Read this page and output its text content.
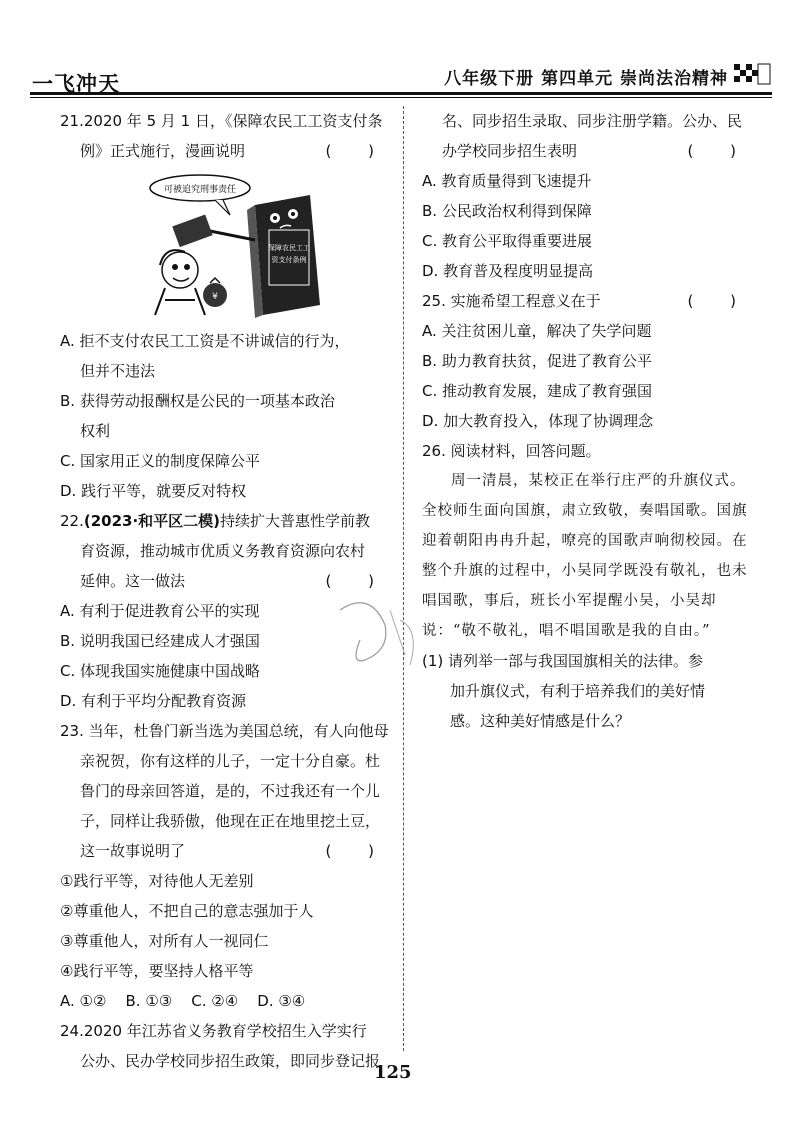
一飞冲天	八年级下册 第四单元 崇尚法治精神

21.2020 年 5 月 1 日，《保障农民工工资支付条

例》正式施行，漫画说明	( )

可被追究刑事责任
保障农民工工
资支付条例
¥

A. 拒不支付农民工工资是不讲诚信的行为，

但并不违法

B. 获得劳动报酬权是公民的一项基本政治

权利

C. 国家用正义的制度保障公平

D. 践行平等，就要反对特权

22.(2023·和平区二模)持续扩大普惠性学前教

育资源，推动城市优质义务教育资源向农村

延伸。这一做法	( )

A. 有利于促进教育公平的实现

B. 说明我国已经建成人才强国

C. 体现我国实施健康中国战略

D. 有利于平均分配教育资源

23. 当年，杜鲁门新当选为美国总统，有人向他母

亲祝贺，你有这样的儿子，一定十分自豪。杜

鲁门的母亲回答道，是的，不过我还有一个儿

子，同样让我骄傲，他现在正在地里挖土豆，

这一故事说明了	( )

①践行平等，对待他人无差别

②尊重他人，不把自己的意志强加于人

③尊重他人，对所有人一视同仁

④践行平等，要坚持人格平等

A. ①②    B. ①③    C. ②④    D. ③④

24.2020 年江苏省义务教育学校招生入学实行

公办、民办学校同步招生政策，即同步登记报

名、同步招生录取、同步注册学籍。公办、民

办学校同步招生表明	( )

A. 教育质量得到飞速提升

B. 公民政治权利得到保障

C. 教育公平取得重要进展

D. 教育普及程度明显提高

25. 实施希望工程意义在于	( )

A. 关注贫困儿童，解决了失学问题

B. 助力教育扶贫，促进了教育公平

C. 推动教育发展，建成了教育强国

D. 加大教育投入，体现了协调理念

26. 阅读材料，回答问题。

周一清晨，某校正在举行庄严的升旗仪式。全校师生面向国旗，肃立致敬，奏唱国歌。国旗迎着朝阳冉冉升起，嘹亮的国歌声响彻校园。在整个升旗的过程中，小吴同学既没有敬礼，也未唱国歌，事后，班长小军提醒小吴，小吴却说：“敬不敬礼，唱不唱国歌是我的自由。”

(1) 请列举一部与我国国旗相关的法律。参

加升旗仪式，有利于培养我们的美好情

感。这种美好情感是什么？

125
